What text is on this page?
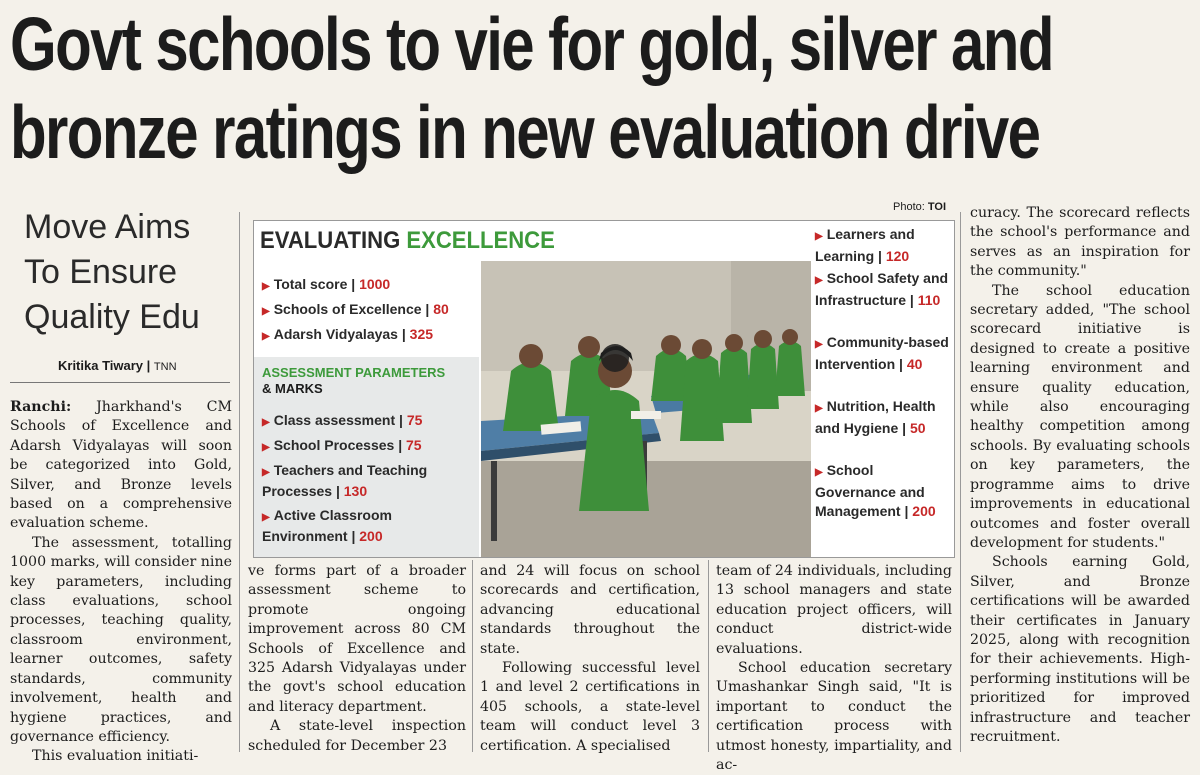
Govt schools to vie for gold, silver and
bronze ratings in new evaluation drive
Move Aims
To Ensure
Quality Edu
Kritika Tiwary | TNN

Ranchi: Jharkhand's CM Schools of Excellence and Adarsh Vidyalayas will soon be categorized into Gold, Silver, and Bronze levels based on a comprehensive evaluation scheme.

The assessment, totalling 1000 marks, will consider nine key parameters, including class evaluations, school processes, teaching quality, classroom environment, learner outcomes, safety standards, community involvement, health and hygiene practices, and governance efficiency.

This evaluation initiati-

Photo: TOI
EVALUATING EXCELLENCE
▶ Total score | 1000
▶ Schools of Excellence | 80
▶ Adarsh Vidyalayas | 325
ASSESSMENT PARAMETERS
& MARKS
▶ Class assessment | 75
▶ School Processes | 75
▶ Teachers and Teaching Processes | 130
▶ Active Classroom Environment | 200
▶ Learners and Learning | 120
▶ School Safety and Infrastructure | 110
▶ Community-based Intervention | 40
▶ Nutrition, Health and Hygiene | 50
▶ School Governance and Management | 200

ve forms part of a broader assessment scheme to promote ongoing improvement across 80 CM Schools of Excellence and 325 Adarsh Vidyalayas under the govt's school education and literacy department.

A state-level inspection scheduled for December 23

and 24 will focus on school scorecards and certification, advancing educational standards throughout the state.

Following successful level 1 and level 2 certifications in 405 schools, a state-level team will conduct level 3 certification. A specialised

team of 24 individuals, including 13 school managers and state education project officers, will conduct district-wide evaluations.

School education secretary Umashankar Singh said, "It is important to conduct the certification process with utmost honesty, impartiality, and ac-

curacy. The scorecard reflects the school's performance and serves as an inspiration for the community."

The school education secretary added, "The school scorecard initiative is designed to create a positive learning environment and ensure quality education, while also encouraging healthy competition among schools. By evaluating schools on key parameters, the programme aims to drive improvements in educational outcomes and foster overall development for students."

Schools earning Gold, Silver, and Bronze certifications will be awarded their certificates in January 2025, along with recognition for their achievements. High-performing institutions will be prioritized for improved infrastructure and teacher recruitment.
